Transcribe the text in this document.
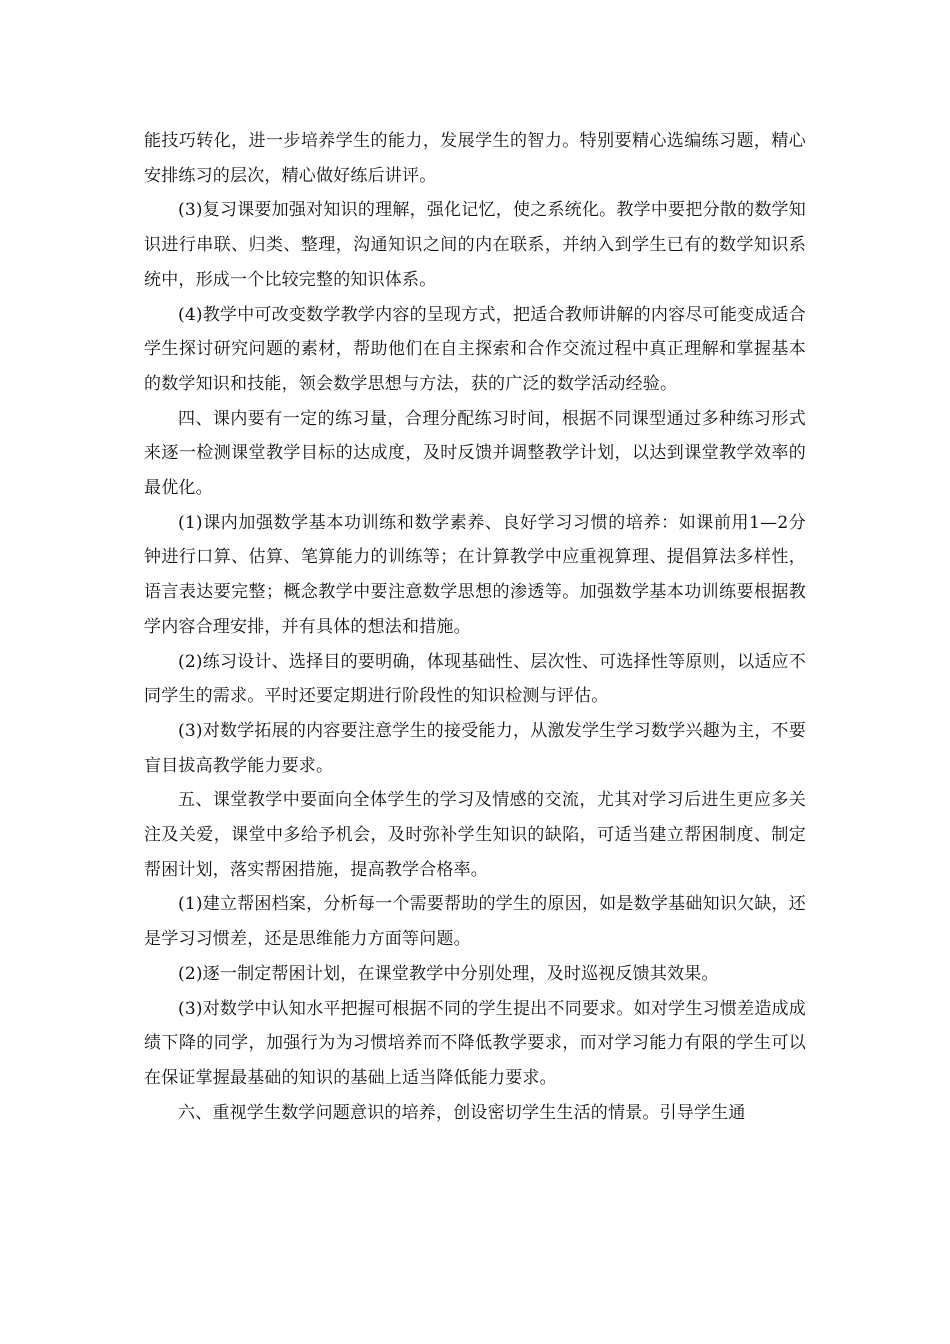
能技巧转化，进一步培养学生的能力，发展学生的智力。特别要精心选编练习题，精心安排练习的层次，精心做好练后讲评。

(3)复习课要加强对知识的理解，强化记忆，使之系统化。教学中要把分散的数学知识进行串联、归类、整理，沟通知识之间的内在联系，并纳入到学生已有的数学知识系统中，形成一个比较完整的知识体系。

(4)教学中可改变数学教学内容的呈现方式，把适合教师讲解的内容尽可能变成适合学生探讨研究问题的素材，帮助他们在自主探索和合作交流过程中真正理解和掌握基本的数学知识和技能，领会数学思想与方法，获的广泛的数学活动经验。

四、课内要有一定的练习量，合理分配练习时间，根据不同课型通过多种练习形式来逐一检测课堂教学目标的达成度，及时反馈并调整教学计划，以达到课堂教学效率的最优化。

(1)课内加强数学基本功训练和数学素养、良好学习习惯的培养：如课前用1—2分钟进行口算、估算、笔算能力的训练等；在计算教学中应重视算理、提倡算法多样性，语言表达要完整；概念教学中要注意数学思想的渗透等。加强数学基本功训练要根据教学内容合理安排，并有具体的想法和措施。

(2)练习设计、选择目的要明确，体现基础性、层次性、可选择性等原则，以适应不同学生的需求。平时还要定期进行阶段性的知识检测与评估。

(3)对数学拓展的内容要注意学生的接受能力，从激发学生学习数学兴趣为主，不要盲目拔高教学能力要求。

五、课堂教学中要面向全体学生的学习及情感的交流，尤其对学习后进生更应多关注及关爱，课堂中多给予机会，及时弥补学生知识的缺陷，可适当建立帮困制度、制定帮困计划，落实帮困措施，提高教学合格率。

(1)建立帮困档案，分析每一个需要帮助的学生的原因，如是数学基础知识欠缺，还是学习习惯差，还是思维能力方面等问题。

(2)逐一制定帮困计划，在课堂教学中分别处理，及时巡视反馈其效果。

(3)对数学中认知水平把握可根据不同的学生提出不同要求。如对学生习惯差造成成绩下降的同学，加强行为为习惯培养而不降低教学要求，而对学习能力有限的学生可以在保证掌握最基础的知识的基础上适当降低能力要求。

六、重视学生数学问题意识的培养，创设密切学生生活的情景。引导学生通
